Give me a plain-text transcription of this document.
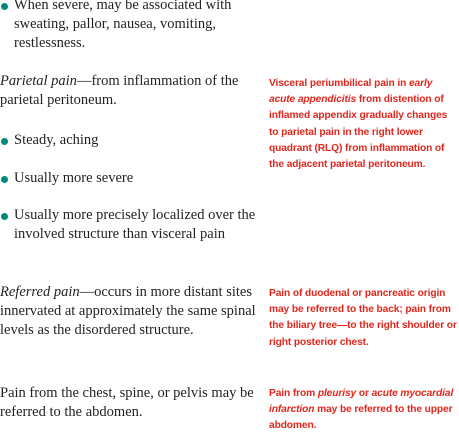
When severe, may be associated with sweating, pallor, nausea, vomiting, restlessness.
Parietal pain—from inflammation of the parietal peritoneum.
Steady, aching
Usually more severe
Usually more precisely localized over the involved structure than visceral pain
Referred pain—occurs in more distant sites innervated at approximately the same spinal levels as the disordered structure.
Pain from the chest, spine, or pelvis may be referred to the abdomen.
Visceral periumbilical pain in early acute appendicitis from distention of inflamed appendix gradually changes to parietal pain in the right lower quadrant (RLQ) from inflammation of the adjacent parietal peritoneum.
Pain of duodenal or pancreatic origin may be referred to the back; pain from the biliary tree—to the right shoulder or right posterior chest.
Pain from pleurisy or acute myocardial infarction may be referred to the upper abdomen.
